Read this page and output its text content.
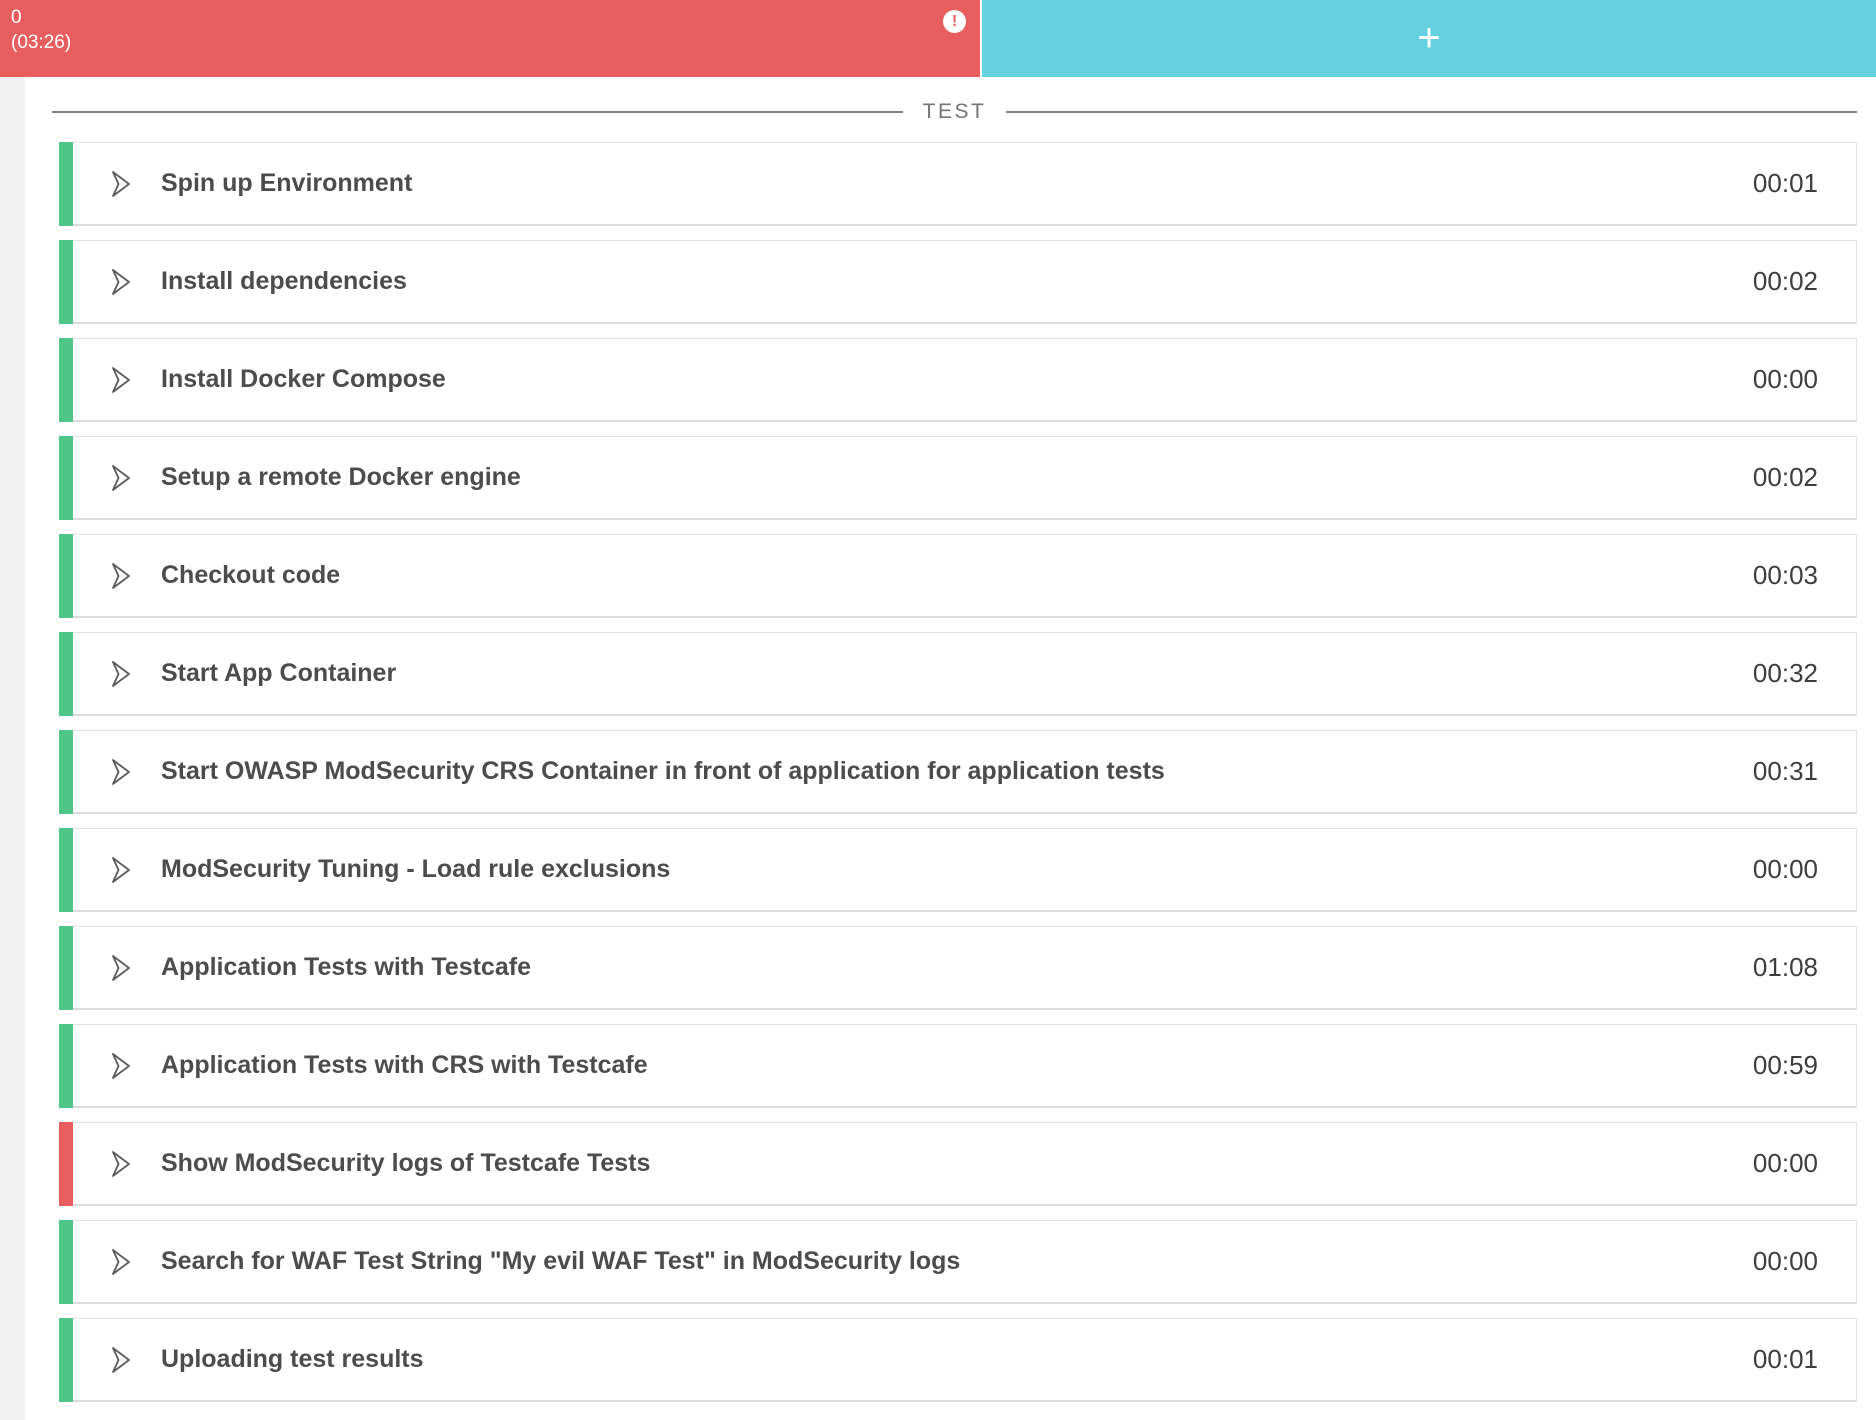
0
(03:26)
!	+
TEST
Spin up Environment	00:01
Install dependencies	00:02
Install Docker Compose	00:00
Setup a remote Docker engine	00:02
Checkout code	00:03
Start App Container	00:32
Start OWASP ModSecurity CRS Container in front of application for application tests	00:31
ModSecurity Tuning - Load rule exclusions	00:00
Application Tests with Testcafe	01:08
Application Tests with CRS with Testcafe	00:59
Show ModSecurity logs of Testcafe Tests	00:00
Search for WAF Test String "My evil WAF Test" in ModSecurity logs	00:00
Uploading test results	00:01
